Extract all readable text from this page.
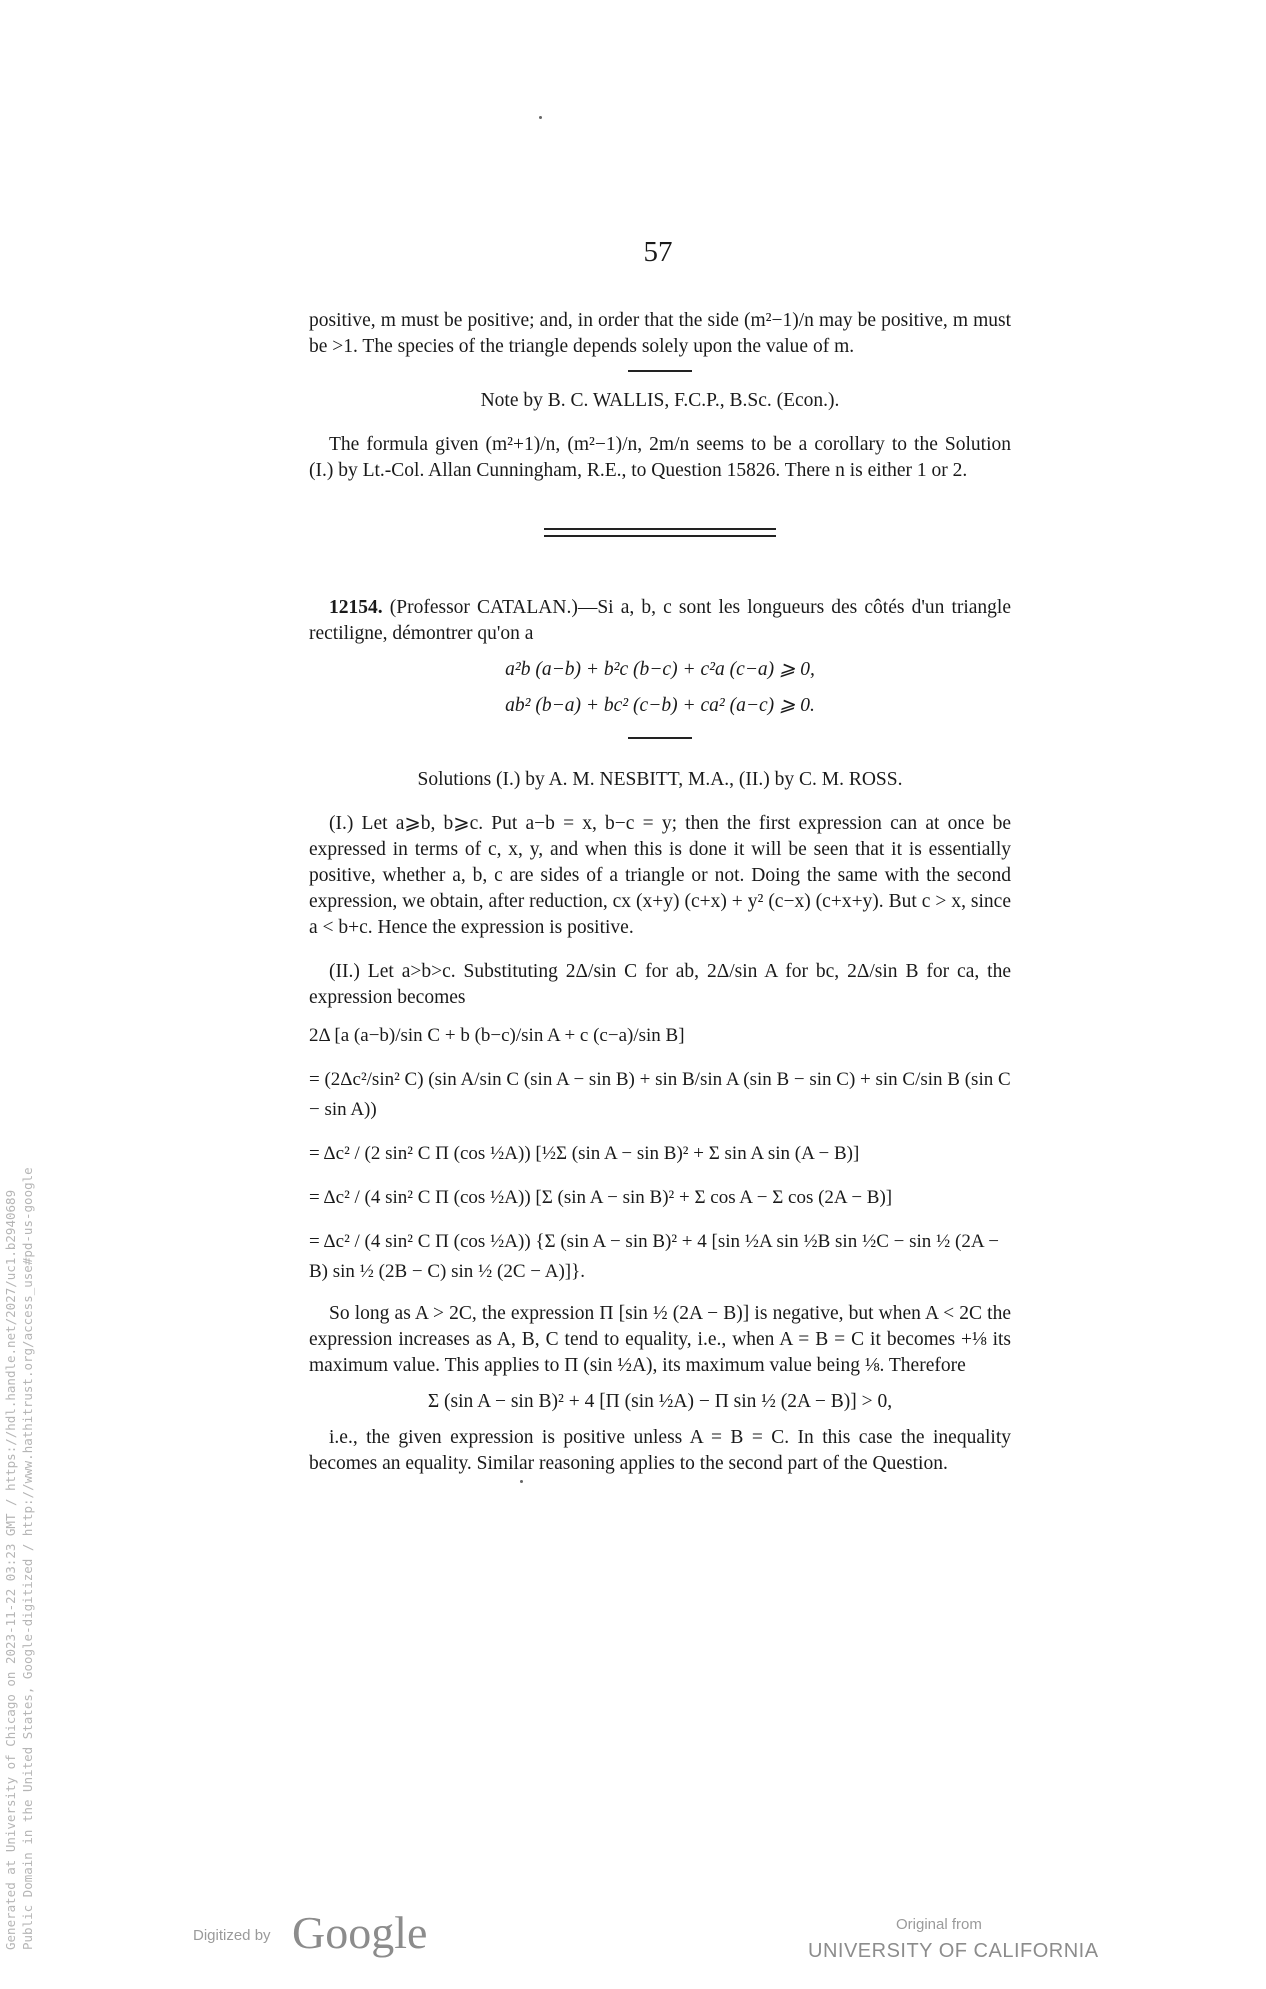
57

positive, m must be positive; and, in order that the side (m²−1)/n may be positive, m must be >1. The species of the triangle depends solely upon the value of m.

Note by B. C. WALLIS, F.C.P., B.Sc. (Econ.).

The formula given (m²+1)/n, (m²−1)/n, 2m/n seems to be a corollary to the Solution (I.) by Lt.-Col. Allan Cunningham, R.E., to Question 15826. There n is either 1 or 2.

12154. (Professor CATALAN.)—Si a, b, c sont les longueurs des côtés d'un triangle rectiligne, démontrer qu'on a

a²b (a−b) + b²c (b−c) + c²a (c−a) ⩾ 0,

ab² (b−a) + bc² (c−b) + ca² (a−c) ⩾ 0.

Solutions (I.) by A. M. NESBITT, M.A., (II.) by C. M. ROSS.

(I.) Let a⩾b, b⩾c. Put a−b = x, b−c = y; then the first expression can at once be expressed in terms of c, x, y, and when this is done it will be seen that it is essentially positive, whether a, b, c are sides of a triangle or not. Doing the same with the second expression, we obtain, after reduction, cx (x+y) (c+x) + y² (c−x) (c+x+y). But c > x, since a < b+c. Hence the expression is positive.

(II.) Let a>b>c. Substituting 2Δ/sin C for ab, 2Δ/sin A for bc, 2Δ/sin B for ca, the expression becomes

2Δ [a (a−b)/sin C + b (b−c)/sin A + c (c−a)/sin B]
= (2Δc²/sin² C) (sin A/sin C (sin A − sin B) + sin B/sin A (sin B − sin C) + sin C/sin B (sin C − sin A))
= Δc² / (2 sin² C Π (cos ½A)) [½Σ (sin A − sin B)² + Σ sin A sin (A − B)]
= Δc² / (4 sin² C Π (cos ½A)) [Σ (sin A − sin B)² + Σ cos A − Σ cos (2A − B)]
= Δc² / (4 sin² C Π (cos ½A)) {Σ (sin A − sin B)² + 4 [sin ½A sin ½B sin ½C − sin ½ (2A − B) sin ½ (2B − C) sin ½ (2C − A)]}.

So long as A > 2C, the expression Π [sin ½ (2A − B)] is negative, but when A < 2C the expression increases as A, B, C tend to equality, i.e., when A = B = C it becomes +⅛ its maximum value. This applies to Π (sin ½A), its maximum value being ⅛. Therefore

Σ (sin A − sin B)² + 4 [Π (sin ½A) − Π sin ½ (2A − B)] > 0,

i.e., the given expression is positive unless A = B = C. In this case the inequality becomes an equality. Similar reasoning applies to the second part of the Question.

Generated at University of Chicago on 2023-11-22 03:23 GMT / https://hdl.handle.net/2027/uc1.b2940689 Public Domain in the United States, Google-digitized / http://www.hathitrust.org/access_use#pd-us-google	Digitized by Google	Original from
UNIVERSITY OF CALIFORNIA
